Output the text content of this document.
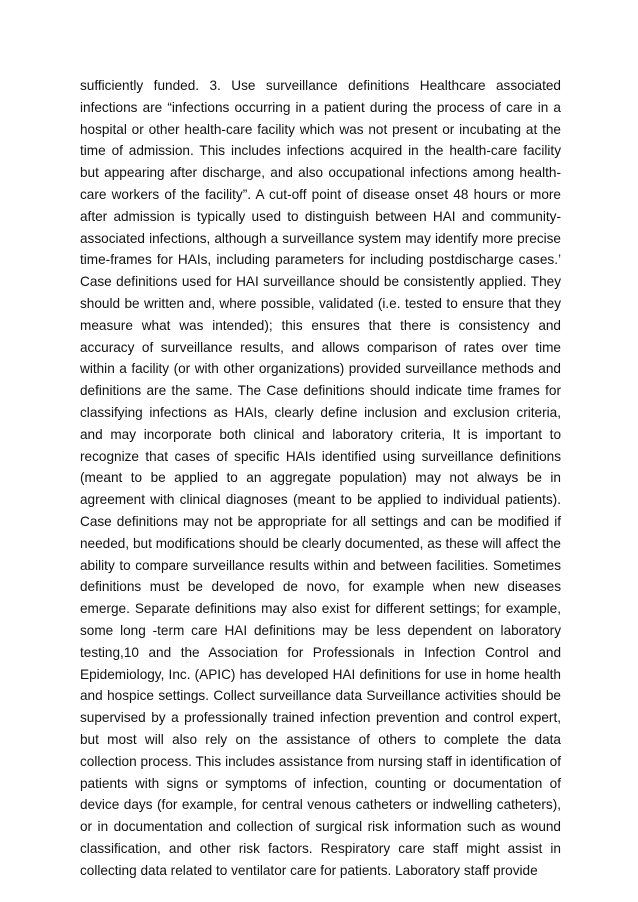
sufficiently funded. 3. Use surveillance definitions Healthcare associated infections are “infections occurring in a patient during the process of care in a hospital or other health-care facility which was not present or incubating at the time of admission. This includes infections acquired in the health-care facility but appearing after discharge, and also occupational infections among health-care workers of the facility”. A cut-off point of disease onset 48 hours or more after admission is typically used to distinguish between HAI and community-associated infections, although a surveillance system may identify more precise time-frames for HAIs, including parameters for including postdischarge cases.’ Case definitions used for HAI surveillance should be consistently applied. They should be written and, where possible, validated (i.e. tested to ensure that they measure what was intended); this ensures that there is consistency and accuracy of surveillance results, and allows comparison of rates over time within a facility (or with other organizations) provided surveillance methods and definitions are the same. The Case definitions should indicate time frames for classifying infections as HAIs, clearly define inclusion and exclusion criteria, and may incorporate both clinical and laboratory criteria, It is important to recognize that cases of specific HAIs identified using surveillance definitions (meant to be applied to an aggregate population) may not always be in agreement with clinical diagnoses (meant to be applied to individual patients). Case definitions may not be appropriate for all settings and can be modified if needed, but modifications should be clearly documented, as these will affect the ability to compare surveillance results within and between facilities. Sometimes definitions must be developed de novo, for example when new diseases emerge. Separate definitions may also exist for different settings; for example, some long -term care HAI definitions may be less dependent on laboratory testing,10 and the Association for Professionals in Infection Control and Epidemiology, Inc. (APIC) has developed HAI definitions for use in home health and hospice settings. Collect surveillance data Surveillance activities should be supervised by a professionally trained infection prevention and control expert, but most will also rely on the assistance of others to complete the data collection process. This includes assistance from nursing staff in identification of patients with signs or symptoms of infection, counting or documentation of device days (for example, for central venous catheters or indwelling catheters), or in documentation and collection of surgical risk information such as wound classification, and other risk factors. Respiratory care staff might assist in collecting data related to ventilator care for patients. Laboratory staff provide
